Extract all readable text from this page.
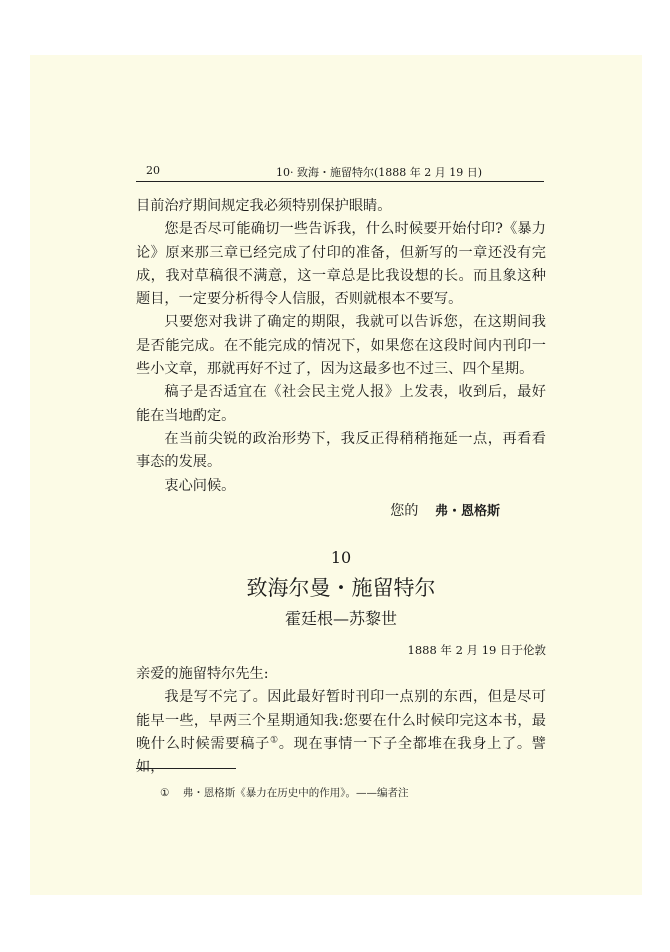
20	10· 致海・施留特尔(1888 年 2 月 19 日)

目前治疗期间规定我必须特别保护眼睛。

您是否尽可能确切一些告诉我，什么时候要开始付印?《暴力论》原来那三章已经完成了付印的准备，但新写的一章还没有完成，我对草稿很不满意，这一章总是比我设想的长。而且象这种题目，一定要分析得令人信服，否则就根本不要写。

只要您对我讲了确定的期限，我就可以告诉您，在这期间我是否能完成。在不能完成的情况下，如果您在这段时间内刊印一些小文章，那就再好不过了，因为这最多也不过三、四个星期。

稿子是否适宜在《社会民主党人报》上发表，收到后，最好能在当地酌定。

在当前尖锐的政治形势下，我反正得稍稍拖延一点，再看看事态的发展。

衷心问候。

您的 弗・恩格斯

10
致海尔曼・施留特尔
霍廷根—苏黎世
1888 年 2 月 19 日于伦敦

亲爱的施留特尔先生:

我是写不完了。因此最好暂时刊印一点别的东西，但是尽可能早一些，早两三个星期通知我:您要在什么时候印完这本书，最晚什么时候需要稿子①。现在事情一下子全都堆在我身上了。譬如，

① 弗・恩格斯《暴力在历史中的作用》。——编者注
